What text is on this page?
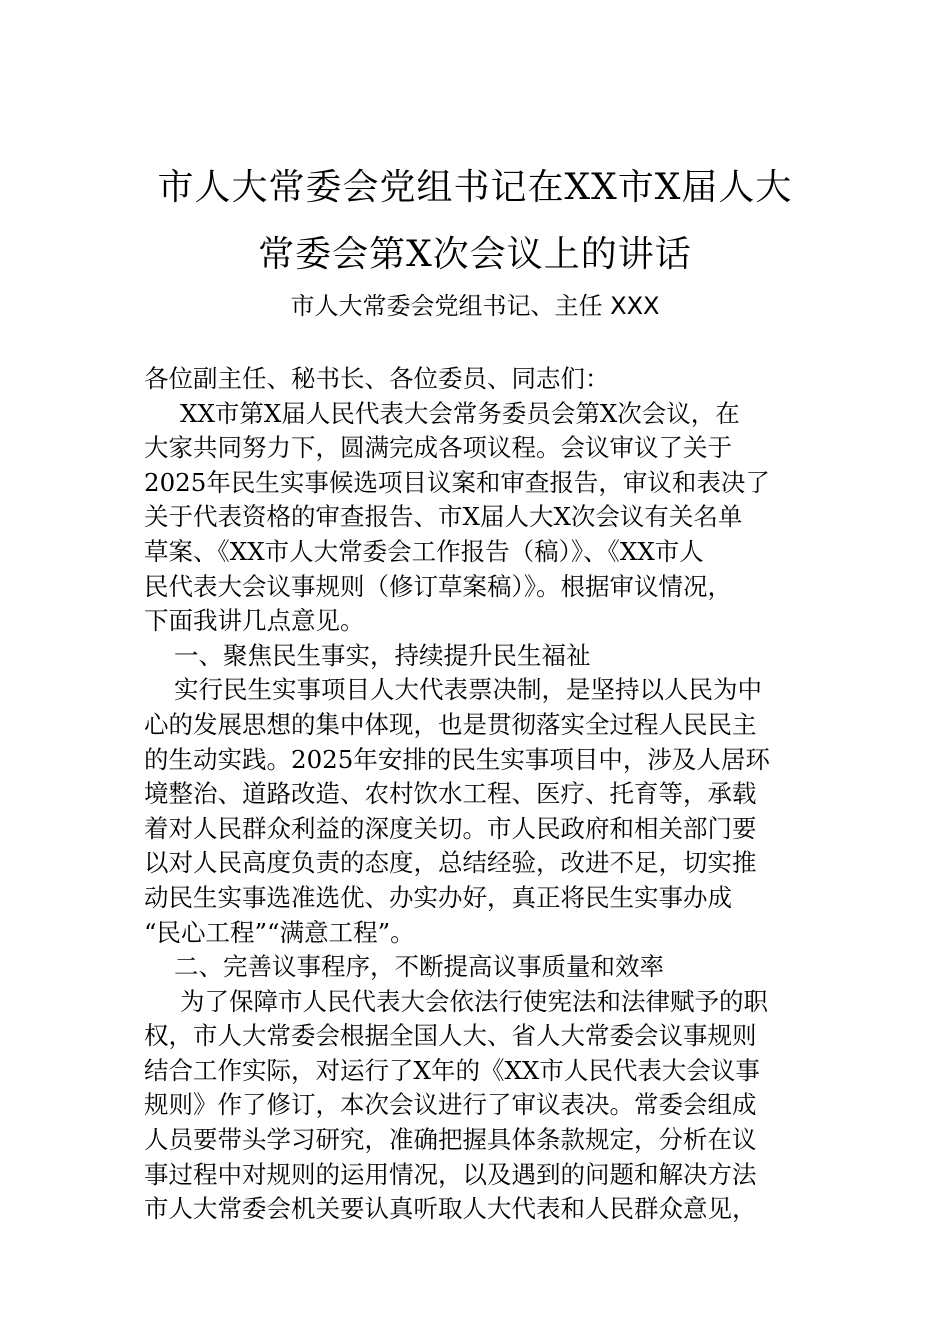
市人大常委会党组书记在XX市X届人大
常委会第X次会议上的讲话
市人大常委会党组书记、主任 XXX
各位副主任、秘书长、各位委员、同志们：
XX市第X届人民代表大会常务委员会第X次会议，在
大家共同努力下，圆满完成各项议程。会议审议了关于
2025年民生实事候选项目议案和审查报告，审议和表决了
关于代表资格的审查报告、市X届人大X次会议有关名单
草案、《XX市人大常委会工作报告（稿）》、《XX市人
民代表大会议事规则（修订草案稿）》。根据审议情况，
下面我讲几点意见。
一、聚焦民生事实，持续提升民生福祉
实行民生实事项目人大代表票决制，是坚持以人民为中
心的发展思想的集中体现，也是贯彻落实全过程人民民主
的生动实践。2025年安排的民生实事项目中，涉及人居环
境整治、道路改造、农村饮水工程、医疗、托育等，承载
着对人民群众利益的深度关切。市人民政府和相关部门要
以对人民高度负责的态度，总结经验，改进不足，切实推
动民生实事选准选优、办实办好，真正将民生实事办成
“民心工程”“满意工程”。
二、完善议事程序，不断提高议事质量和效率
为了保障市人民代表大会依法行使宪法和法律赋予的职
权，市人大常委会根据全国人大、省人大常委会议事规则
结合工作实际，对运行了X年的《XX市人民代表大会议事
规则》作了修订，本次会议进行了审议表决。常委会组成
人员要带头学习研究，准确把握具体条款规定，分析在议
事过程中对规则的运用情况，以及遇到的问题和解决方法
市人大常委会机关要认真听取人大代表和人民群众意见，
